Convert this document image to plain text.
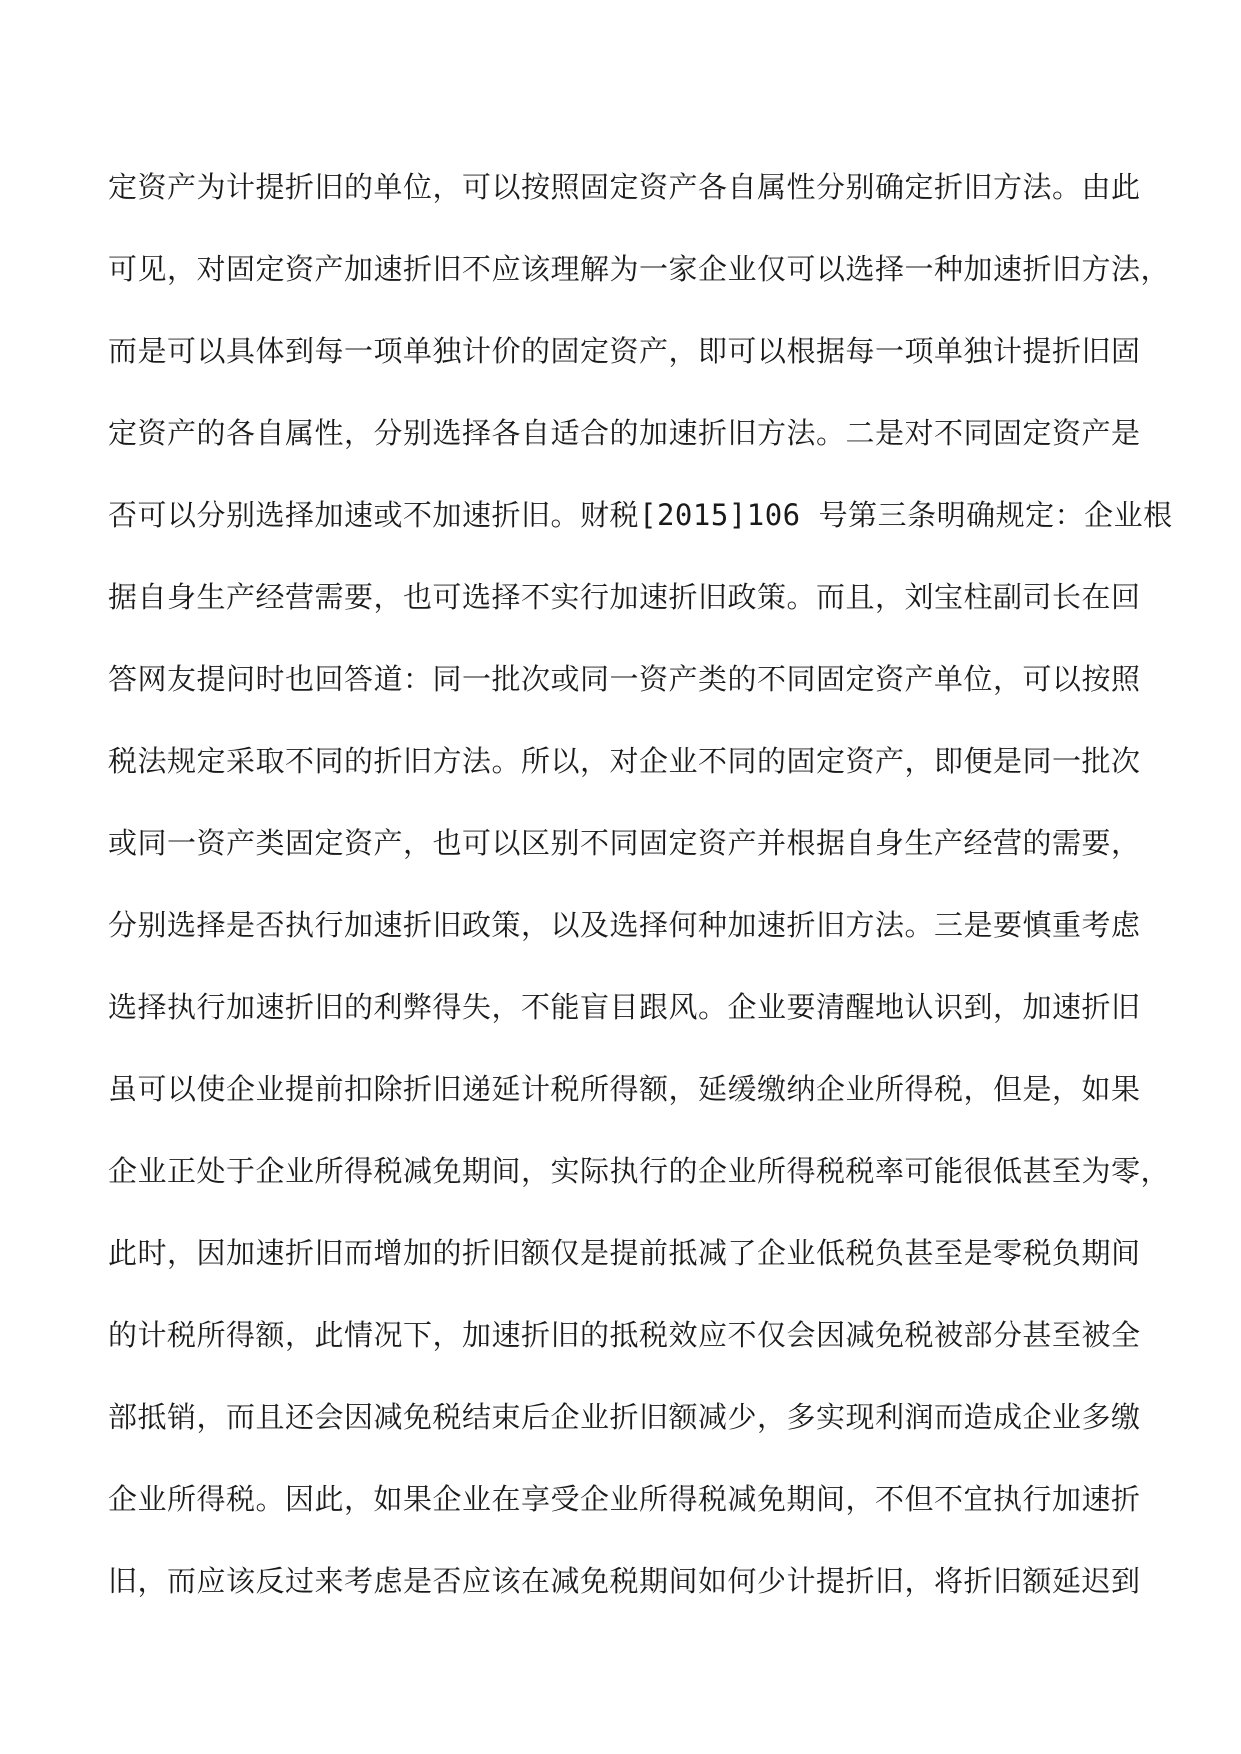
定资产为计提折旧的单位，可以按照固定资产各自属性分别确定折旧方法。由此
可见，对固定资产加速折旧不应该理解为一家企业仅可以选择一种加速折旧方法，
而是可以具体到每一项单独计价的固定资产，即可以根据每一项单独计提折旧固
定资产的各自属性，分别选择各自适合的加速折旧方法。二是对不同固定资产是
否可以分别选择加速或不加速折旧。财税[2015]106 号第三条明确规定：企业根
据自身生产经营需要，也可选择不实行加速折旧政策。而且，刘宝柱副司长在回
答网友提问时也回答道：同一批次或同一资产类的不同固定资产单位，可以按照
税法规定采取不同的折旧方法。所以，对企业不同的固定资产，即便是同一批次
或同一资产类固定资产，也可以区别不同固定资产并根据自身生产经营的需要，
分别选择是否执行加速折旧政策，以及选择何种加速折旧方法。三是要慎重考虑
选择执行加速折旧的利弊得失，不能盲目跟风。企业要清醒地认识到，加速折旧
虽可以使企业提前扣除折旧递延计税所得额，延缓缴纳企业所得税，但是，如果
企业正处于企业所得税减免期间，实际执行的企业所得税税率可能很低甚至为零，
此时，因加速折旧而增加的折旧额仅是提前抵减了企业低税负甚至是零税负期间
的计税所得额，此情况下，加速折旧的抵税效应不仅会因减免税被部分甚至被全
部抵销，而且还会因减免税结束后企业折旧额减少，多实现利润而造成企业多缴
企业所得税。因此，如果企业在享受企业所得税减免期间，不但不宜执行加速折
旧，而应该反过来考虑是否应该在减免税期间如何少计提折旧，将折旧额延迟到
